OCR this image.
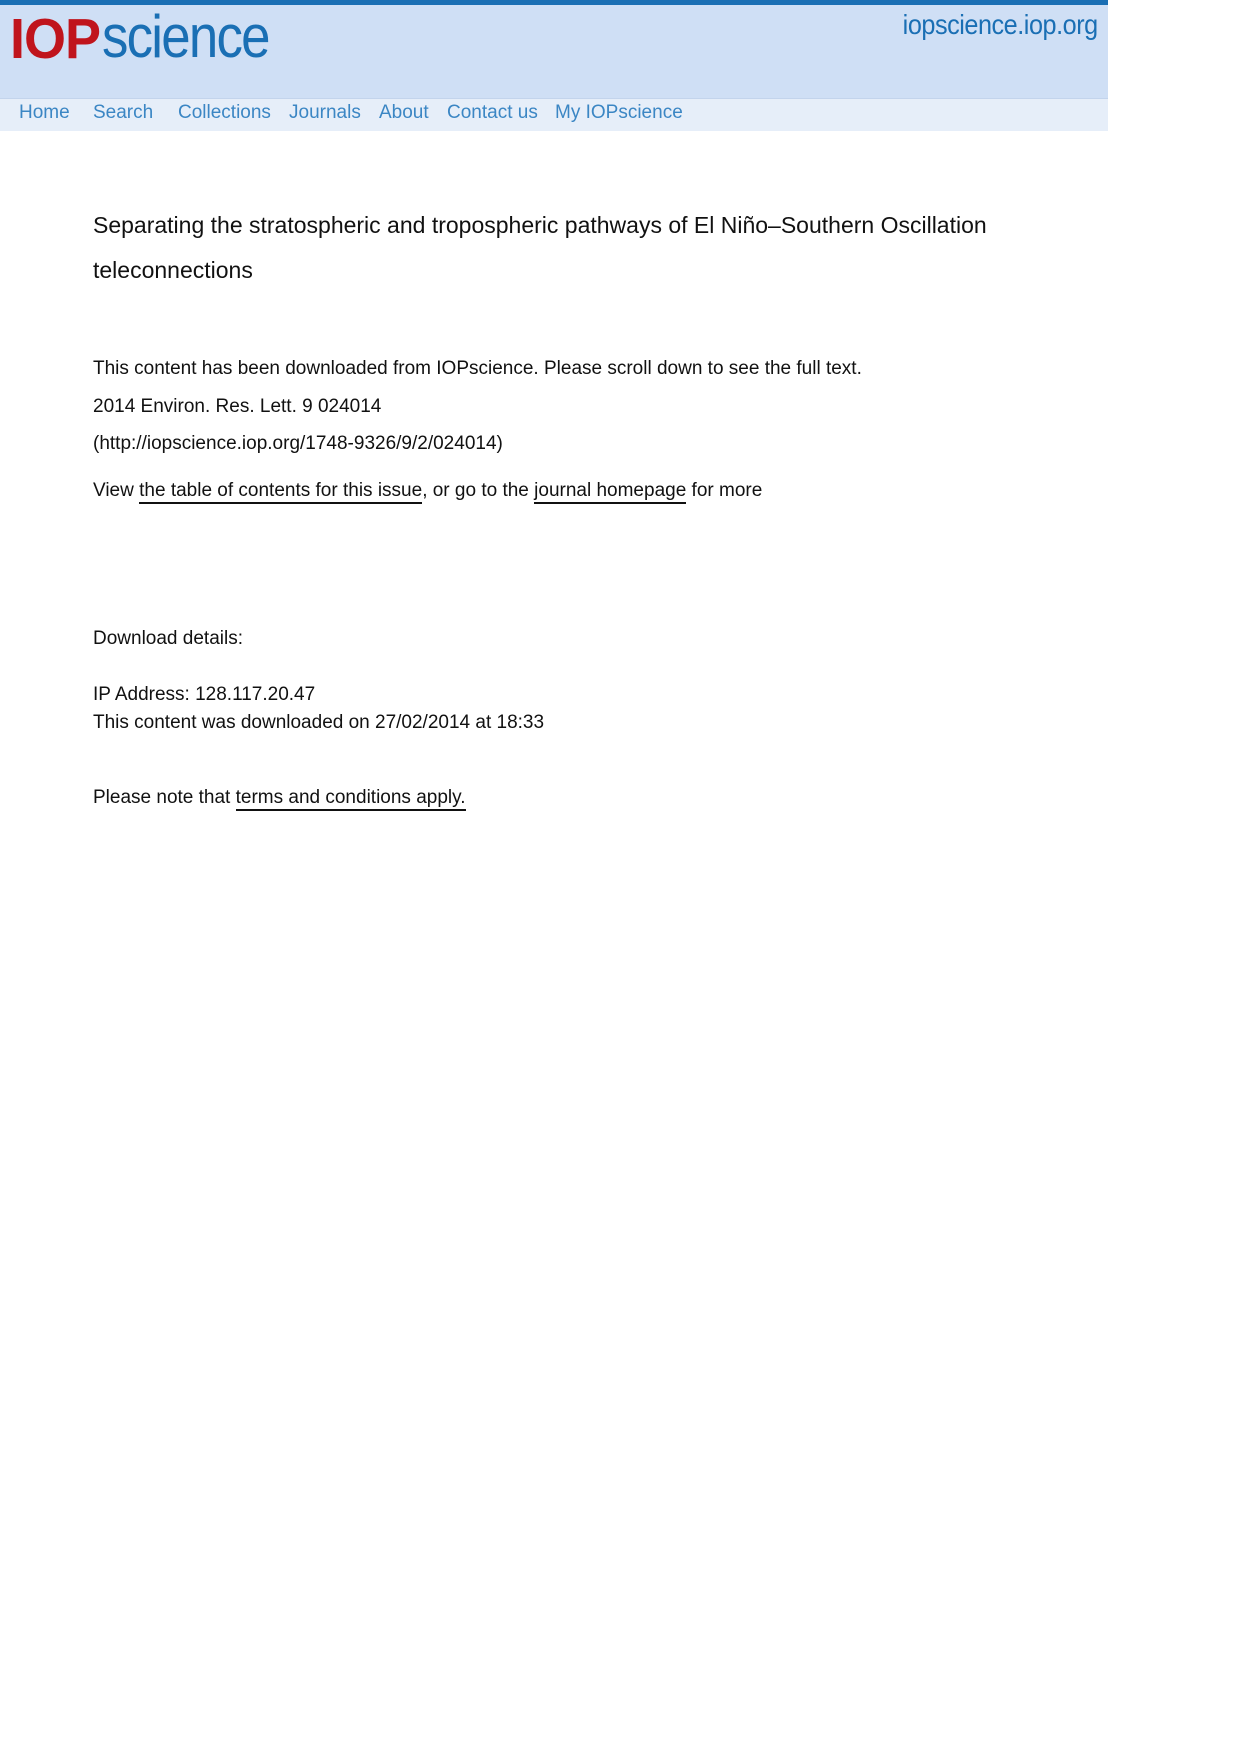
IOP science	iopscience.iop.org
Home Search Collections Journals About Contact us My IOPscience
Separating the stratospheric and tropospheric pathways of El Niño–Southern Oscillation teleconnections
This content has been downloaded from IOPscience. Please scroll down to see the full text.
2014 Environ. Res. Lett. 9 024014
(http://iopscience.iop.org/1748-9326/9/2/024014)
View the table of contents for this issue, or go to the journal homepage for more
Download details:
IP Address: 128.117.20.47
This content was downloaded on 27/02/2014 at 18:33
Please note that terms and conditions apply.
